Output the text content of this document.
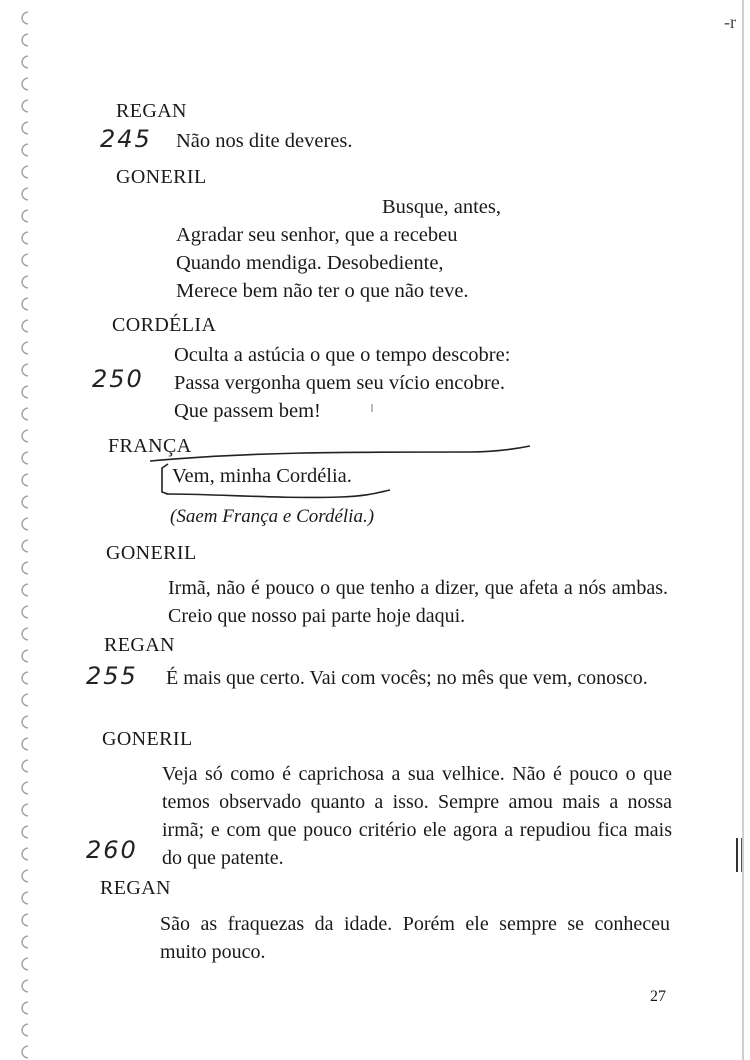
-r
REGAN
245 Não nos dite deveres.
GONERIL
Busque, antes,
Agradar seu senhor, que a recebeu
Quando mendiga. Desobediente,
Merece bem não ter o que não teve.
CORDÉLIA
Oculta a astúcia o que o tempo descobre:
250 Passa vergonha quem seu vício encobre.
Que passem bem!
FRANÇA
Vem, minha Cordélia.
(Saem França e Cordélia.)
GONERIL
Irmã, não é pouco o que tenho a dizer, que afeta a nós ambas. Creio que nosso pai parte hoje daqui.
REGAN
255 É mais que certo. Vai com vocês; no mês que vem, conosco.
GONERIL
Veja só como é caprichosa a sua velhice. Não é pouco o que temos observado quanto a isso. Sempre amou mais a nossa irmã; e com que pouco critério ele agora a repudiou fica mais do que patente.
260
REGAN
São as fraquezas da idade. Porém ele sempre se conheceu muito pouco.
27
